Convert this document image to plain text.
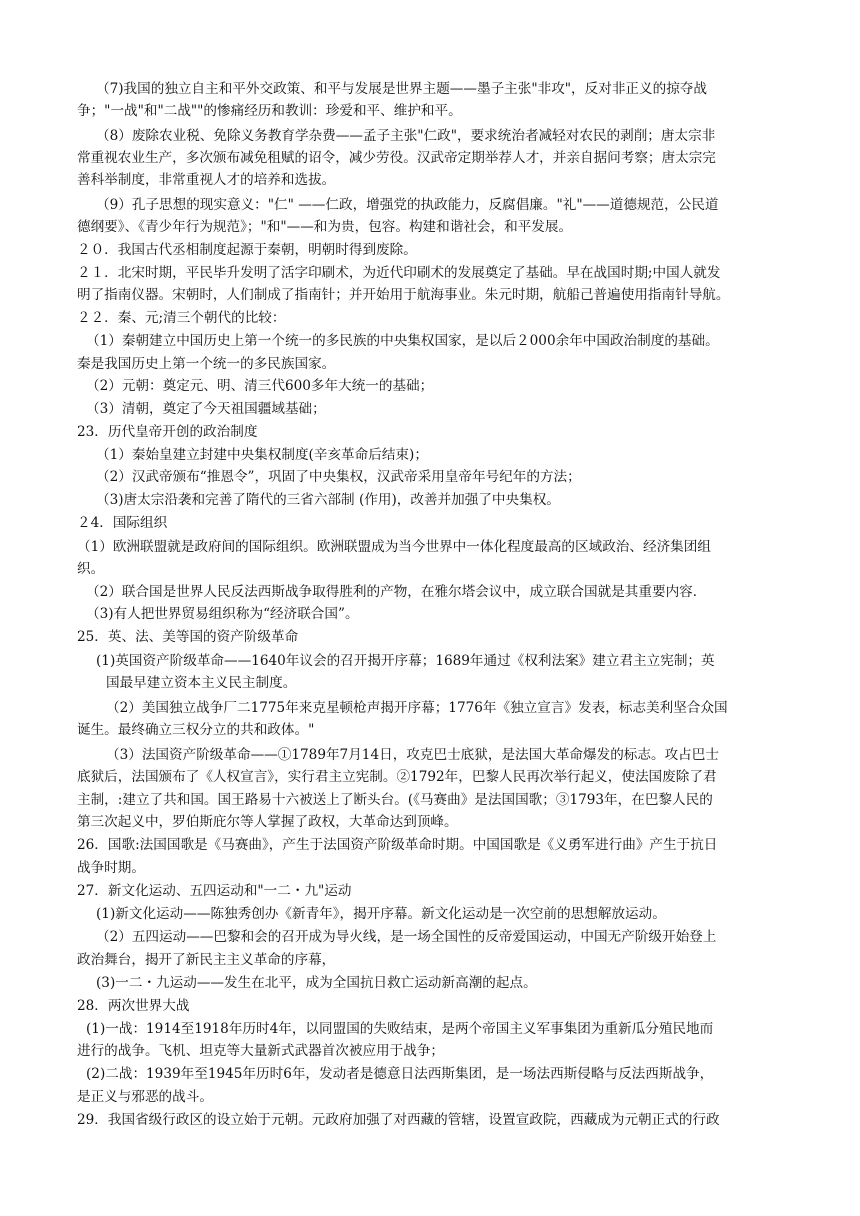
（7)我国的独立自主和平外交政策、和平与发展是世界主题——墨子主张"非攻"，反对非正义的掠夺战
争；"一战"和"二战""的惨痛经历和教训：珍爱和平、维护和平。
（8）废除农业税、免除义务教育学杂费——孟子主张"仁政"，要求统治者减轻对农民的剥削；唐太宗非
常重视农业生产，多次颁布减免租赋的诏令，减少劳役。汉武帝定期举荐人才，并亲自据问考察；唐太宗完
善科举制度，非常重视人才的培养和选拔。
（9）孔子思想的现实意义："仁" ——仁政，增强党的执政能力，反腐倡廉。"礼"——道德规范，公民道
德纲要》、《青少年行为规范》；"和"——和为贵，包容。构建和谐社会，和平发展。
２０．我国古代丞相制度起源于秦朝，明朝时得到废除。
２１．北宋时期，平民毕升发明了活字印刷术，为近代印刷术的发展奠定了基础。早在战国时期;中国人就发
明了指南仪器。宋朝时，人们制成了指南针；并开始用于航海事业。朱元时期，航船己普遍使用指南针导航。
２２．秦、元;清三个朝代的比较：
（1）秦朝建立中国历史上第一个统一的多民族的中央集权国家，是以后２000余年中国政治制度的基础。
秦是我国历史上第一个统一的多民族国家。
（2）元朝：奠定元、明、清三代600多年大统一的基础；
（3）清朝，奠定了今天祖国疆域基础；
23．历代皇帝开创的政治制度
（1）秦始皇建立封建中央集权制度(辛亥革命后结束)；
（2）汉武帝颁布“推恩令”，巩固了中央集权，汉武帝采用皇帝年号纪年的方法；
（3)唐太宗沿袭和完善了隋代的三省六部制 (作用)，改善并加强了中央集权。
２4．国际组织
（1）欧洲联盟就是政府间的国际组织。欧洲联盟成为当今世界中一体化程度最高的区域政治、经济集团组
织。
（2）联合国是世界人民反法西斯战争取得胜利的产物，在雅尔塔会议中，成立联合国就是其重要内容．
（3)有人把世界贸易组织称为“经济联合国”。
25．英、法、美等国的资产阶级革命
(1)英国资产阶级革命——1640年议会的召开揭开序幕；1689年通过《权利法案》建立君主立宪制；英
国最早建立资本主义民主制度。
（2）美国独立战争厂二1775年来克星顿枪声揭开序幕；1776年《独立宣言》发表，标志美利坚合众国
诞生。最终确立三权分立的共和政体。"
（3）法国资产阶级革命——①1789年7月14日，攻克巴士底狱，是法国大革命爆发的标志。攻占巴士
底狱后，法国颁布了《人权宣言》，实行君主立宪制。②1792年，巴黎人民再次举行起义，使法国废除了君
主制，:建立了共和国。国王路易十六被送上了断头台。(《马赛曲》是法国国歌；③1793年，在巴黎人民的
第三次起义中，罗伯斯庇尔等人掌握了政权，大革命达到顶峰。
26．国歌:法国国歌是《马赛曲》，产生于法国资产阶级革命时期。中国国歌是《义勇军进行曲》产生于抗日
战争时期。
27．新文化运动、五四运动和"一二・九"运动
(1)新文化运动——陈独秀创办《新青年》，揭开序幕。新文化运动是一次空前的思想解放运动。
（2）五四运动——巴黎和会的召开成为导火线，是一场全国性的反帝爱国运动，中国无产阶级开始登上
政治舞台，揭开了新民主主义革命的序幕，
(3)一二・九运动——发生在北平，成为全国抗日救亡运动新高潮的起点。
28．两次世界大战
(1)一战：1914至1918年历时4年，以同盟国的失败结束，是两个帝国主义军事集团为重新瓜分殖民地而
进行的战争。飞机、坦克等大量新式武器首次被应用于战争；
(2)二战：1939年至1945年历时6年，发动者是德意日法西斯集团，是一场法西斯侵略与反法西斯战争，
是正义与邪恶的战斗。
29．我国省级行政区的设立始于元朝。元政府加强了对西藏的管辖，设置宣政院，西藏成为元朝正式的行政
